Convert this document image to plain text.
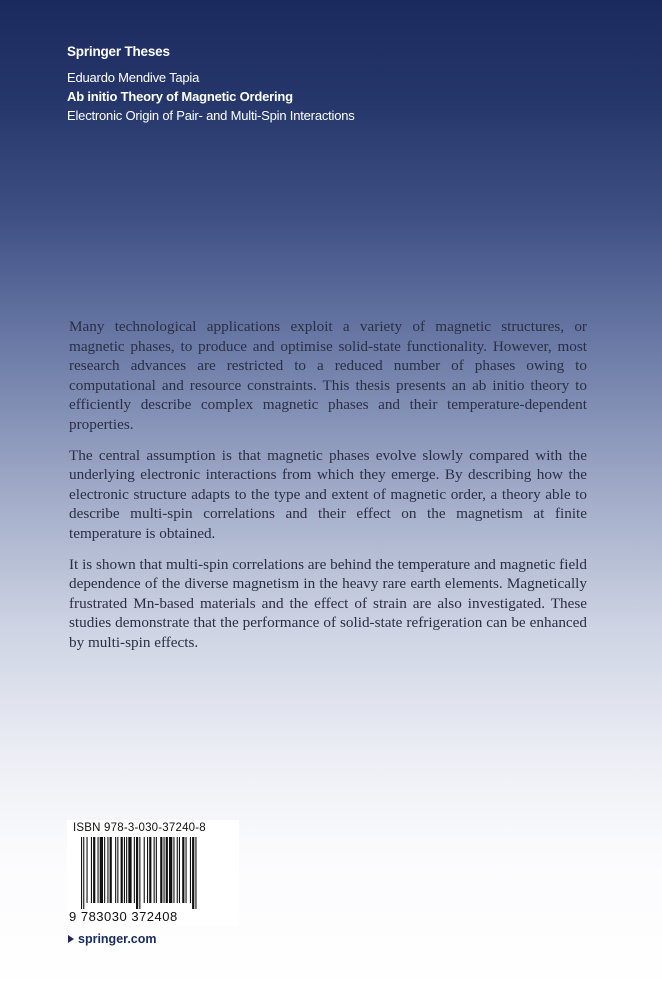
Springer Theses
Eduardo Mendive Tapia
Ab initio Theory of Magnetic Ordering
Electronic Origin of Pair- and Multi-Spin Interactions

Many technological applications exploit a variety of magnetic structures, or magnetic phases, to produce and optimise solid-state functionality. However, most research advances are restricted to a reduced number of phases owing to computational and resource constraints. This thesis presents an ab initio theory to efficiently describe complex magnetic phases and their temperature-dependent properties.

The central assumption is that magnetic phases evolve slowly compared with the underlying electronic interactions from which they emerge. By describing how the electronic structure adapts to the type and extent of magnetic order, a theory able to describe multi-spin correlations and their effect on the magnetism at finite temperature is obtained.

It is shown that multi-spin correlations are behind the temperature and magnetic field dependence of the diverse magnetism in the heavy rare earth elements. Magnetically frustrated Mn-based materials and the effect of strain are also investigated. These studies demonstrate that the performance of solid-state refrigeration can be enhanced by multi-spin effects.

ISBN 978-3-030-37240-8
9 783030 372408
springer.com
